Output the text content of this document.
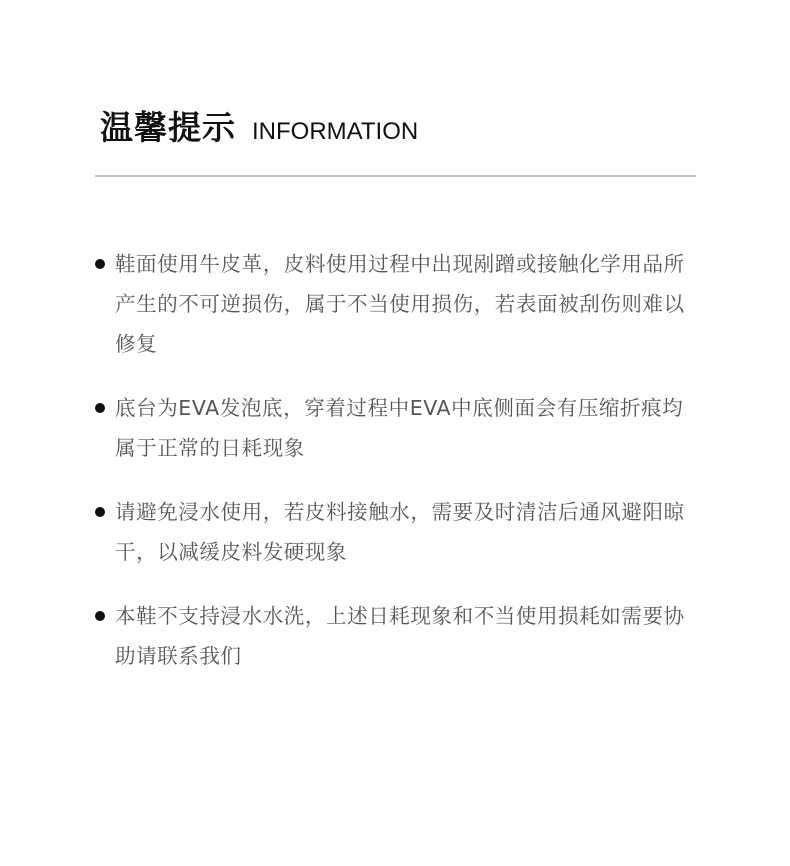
温馨提示 INFORMATION
鞋面使用牛皮革，皮料使用过程中出现剐蹭或接触化学用品所产生的不可逆损伤，属于不当使用损伤，若表面被刮伤则难以修复
底台为EVA发泡底，穿着过程中EVA中底侧面会有压缩折痕均属于正常的日耗现象
请避免浸水使用，若皮料接触水，需要及时清洁后通风避阳晾干，以减缓皮料发硬现象
本鞋不支持浸水水洗，上述日耗现象和不当使用损耗如需要协助请联系我们
